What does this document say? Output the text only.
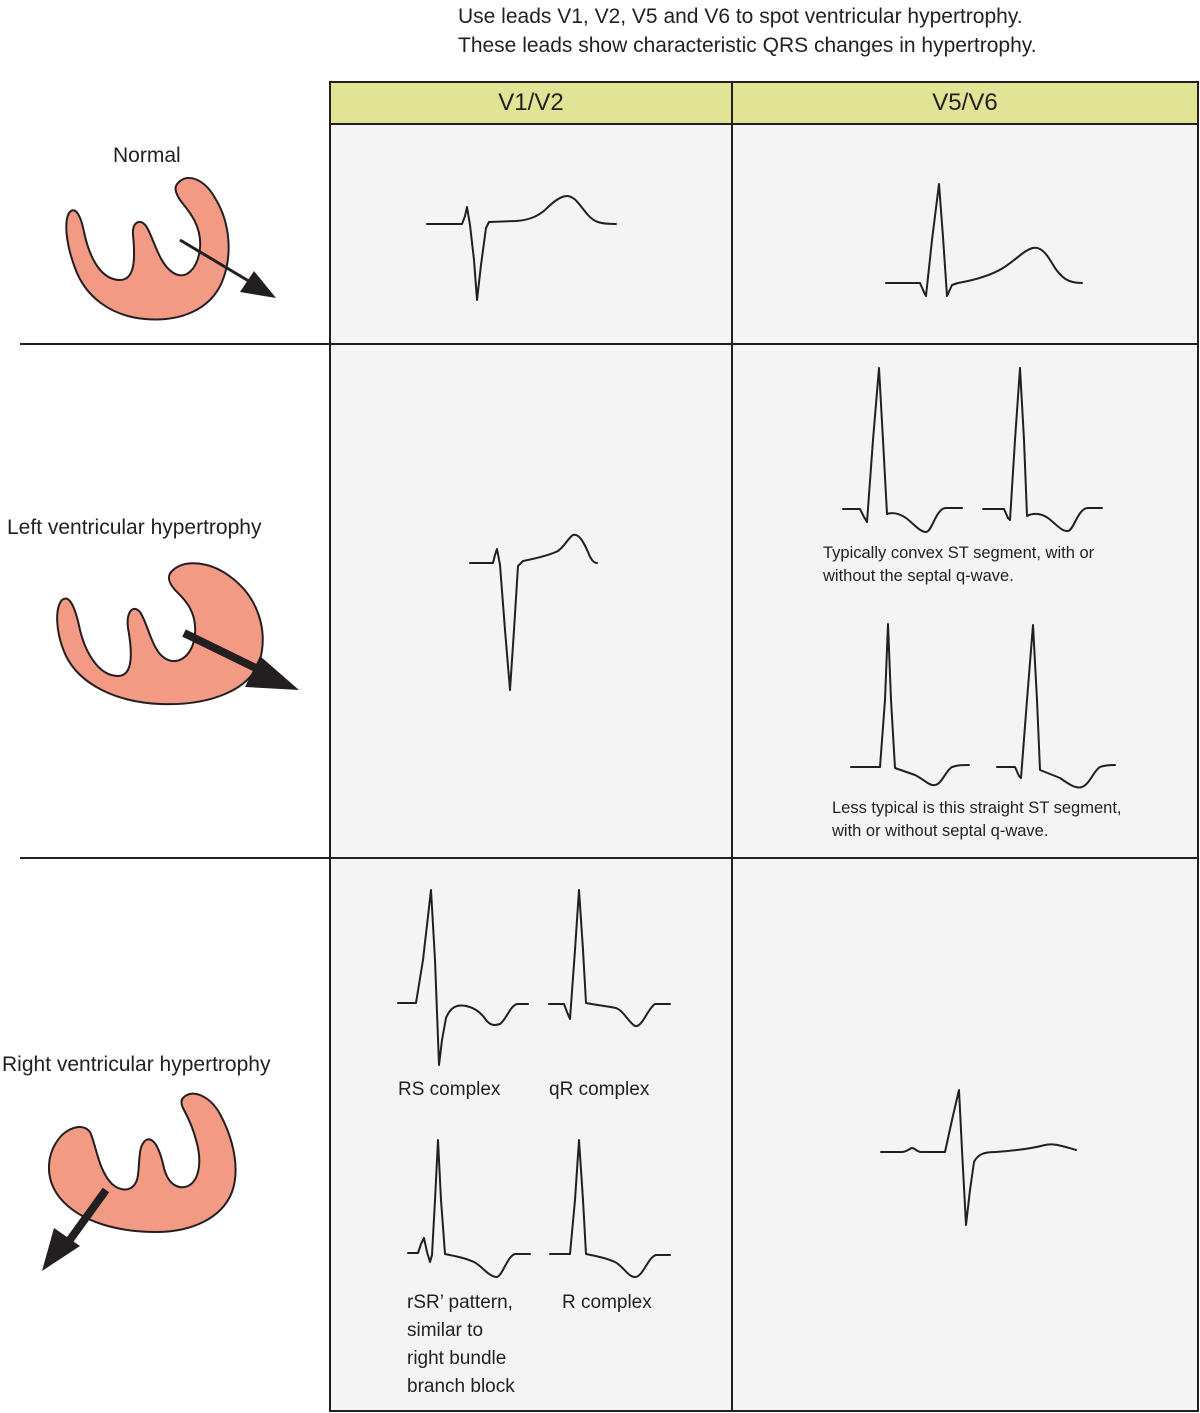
Use leads V1, V2, V5 and V6 to spot ventricular hypertrophy.
These leads show characteristic QRS changes in hypertrophy.
V1/V2	V5/V6
Normal
Left ventricular hypertrophy
Right ventricular hypertrophy
Typically convex ST segment, with or
without the septal q-wave.
Less typical is this straight ST segment,
with or without septal q-wave.
RS complex	qR complex
rSR’ pattern,
similar to
right bundle
branch block
R complex
